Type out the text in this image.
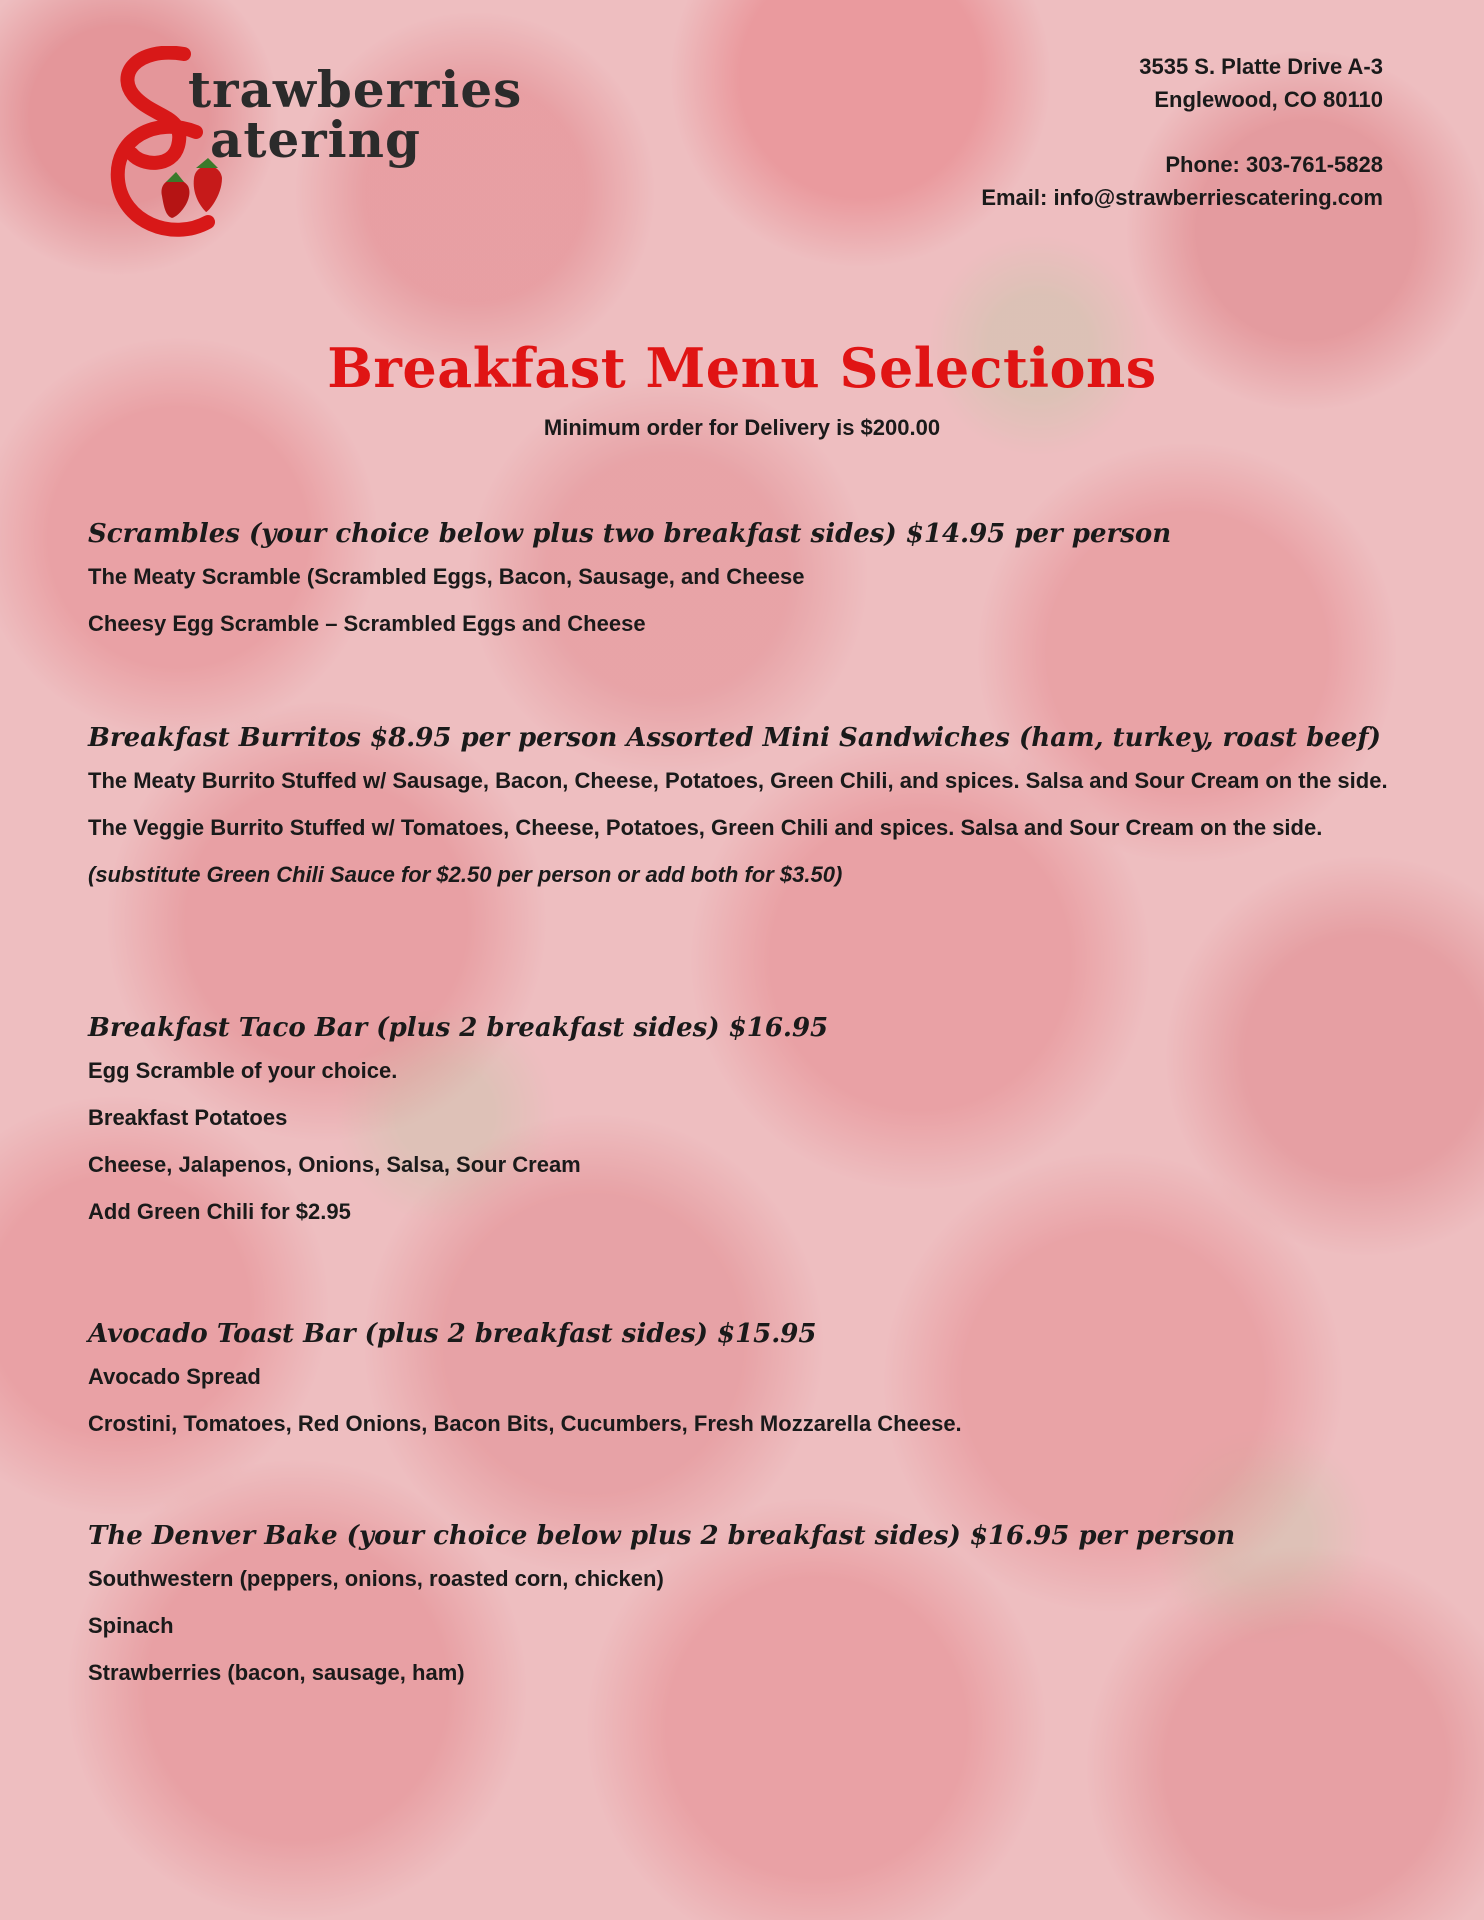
trawberries
atering
3535 S. Platte Drive A-3
Englewood, CO 80110
Phone: 303-761-5828
Email: info@strawberriescatering.com
Breakfast Menu Selections
Minimum order for Delivery is $200.00
Scrambles (your choice below plus two breakfast sides) $14.95 per person
The Meaty Scramble (Scrambled Eggs, Bacon, Sausage, and Cheese
Cheesy Egg Scramble – Scrambled Eggs and Cheese
Breakfast Burritos $8.95 per person Assorted Mini Sandwiches (ham, turkey, roast beef)
The Meaty Burrito Stuffed w/ Sausage, Bacon, Cheese, Potatoes, Green Chili, and spices. Salsa and Sour Cream on the side.
The Veggie Burrito Stuffed w/ Tomatoes, Cheese, Potatoes, Green Chili and spices. Salsa and Sour Cream on the side.
(substitute Green Chili Sauce for $2.50 per person or add both for $3.50)
Breakfast Taco Bar (plus 2 breakfast sides) $16.95
Egg Scramble of your choice.
Breakfast Potatoes
Cheese, Jalapenos, Onions, Salsa, Sour Cream
Add Green Chili for $2.95
Avocado Toast Bar (plus 2 breakfast sides) $15.95
Avocado Spread
Crostini, Tomatoes, Red Onions, Bacon Bits, Cucumbers, Fresh Mozzarella Cheese.
The Denver Bake (your choice below plus 2 breakfast sides) $16.95 per person
Southwestern (peppers, onions, roasted corn, chicken)
Spinach
Strawberries (bacon, sausage, ham)
